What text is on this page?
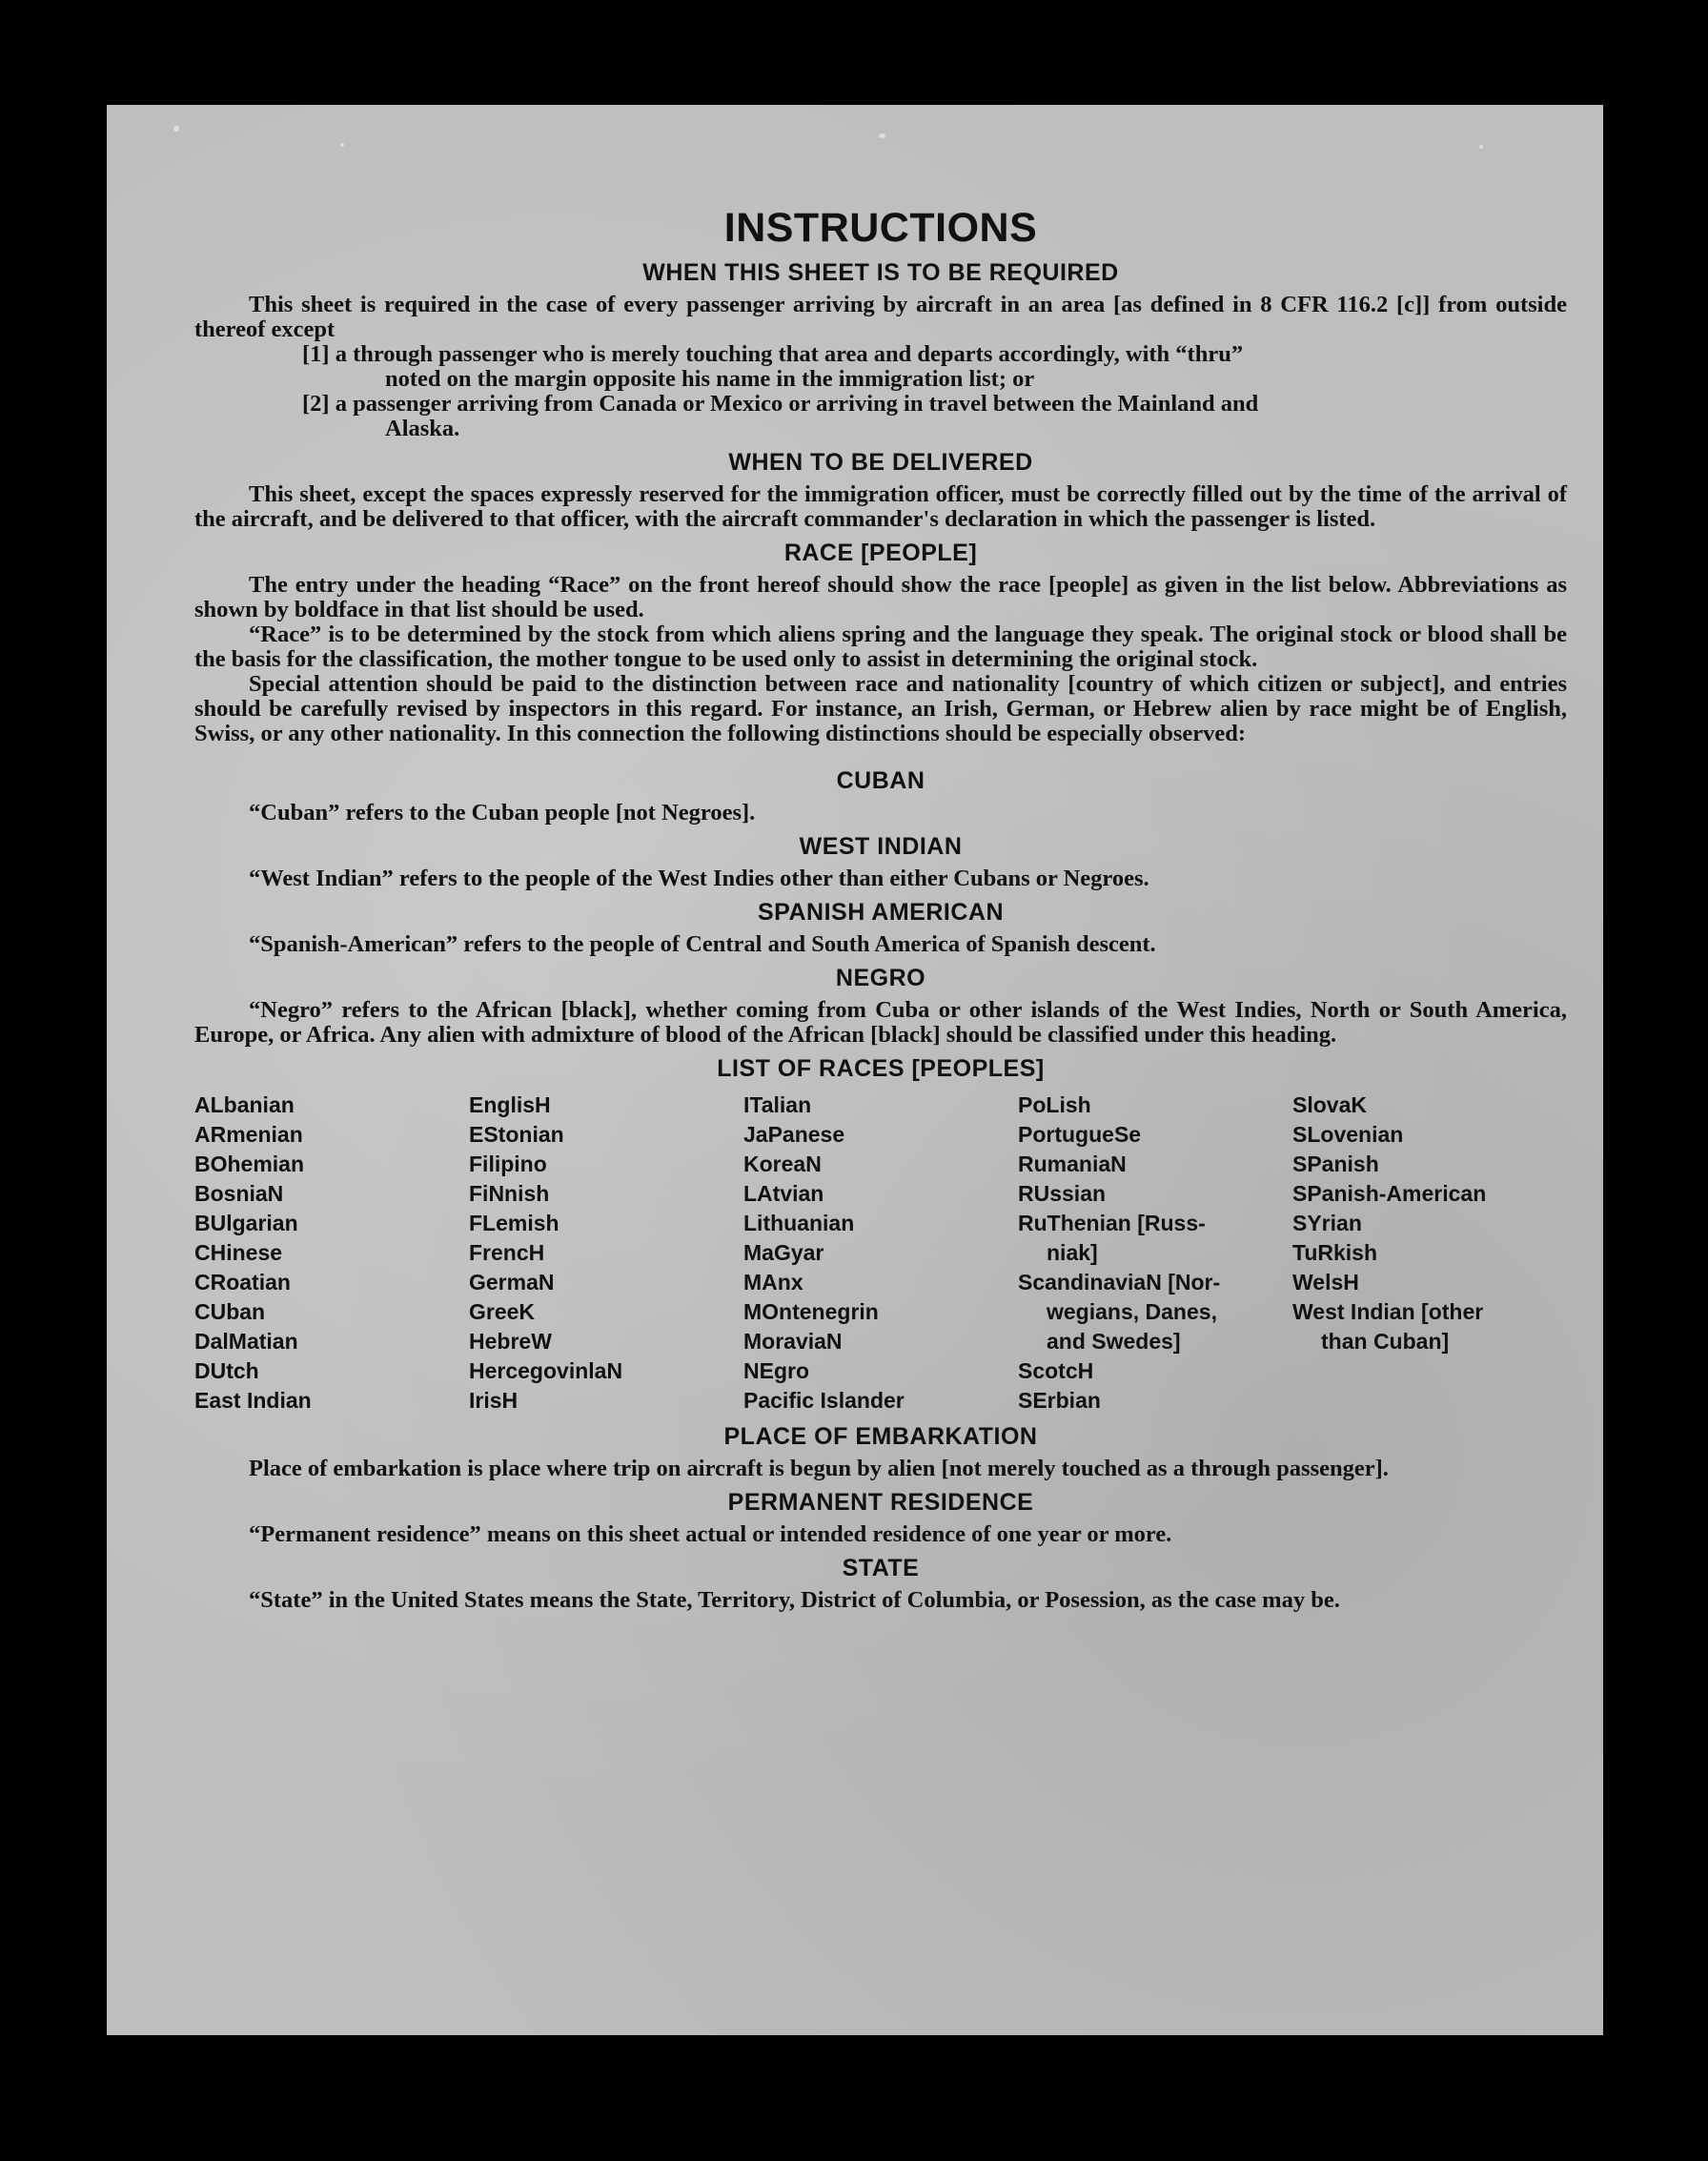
INSTRUCTIONS
WHEN THIS SHEET IS TO BE REQUIRED

This sheet is required in the case of every passenger arriving by aircraft in an area [as defined in 8 CFR 116.2 [c]] from outside thereof except

[1] a through passenger who is merely touching that area and departs accordingly, with “thru”

noted on the margin opposite his name in the immigration list; or

[2] a passenger arriving from Canada or Mexico or arriving in travel between the Mainland and

Alaska.

WHEN TO BE DELIVERED

This sheet, except the spaces expressly reserved for the immigration officer, must be correctly filled out by the time of the arrival of the aircraft, and be delivered to that officer, with the aircraft commander's declaration in which the passenger is listed.

RACE [PEOPLE]

The entry under the heading “Race” on the front hereof should show the race [people] as given in the list below. Abbreviations as shown by boldface in that list should be used.

“Race” is to be determined by the stock from which aliens spring and the language they speak. The original stock or blood shall be the basis for the classification, the mother tongue to be used only to assist in determining the original stock.

Special attention should be paid to the distinction between race and nationality [country of which citizen or subject], and entries should be carefully revised by inspectors in this regard. For instance, an Irish, German, or Hebrew alien by race might be of English, Swiss, or any other nationality. In this connection the following distinctions should be especially observed:

CUBAN

“Cuban” refers to the Cuban people [not Negroes].

WEST INDIAN

“West Indian” refers to the people of the West Indies other than either Cubans or Negroes.

SPANISH AMERICAN

“Spanish-American” refers to the people of Central and South America of Spanish descent.

NEGRO

“Negro” refers to the African [black], whether coming from Cuba or other islands of the West Indies, North or South America, Europe, or Africa. Any alien with admixture of blood of the African [black] should be classified under this heading.

LIST OF RACES [PEOPLES]
ALbanian
ARmenian
BOhemian
BosniaN
BUlgarian
CHinese
CRoatian
CUban
DalMatian
DUtch
East Indian
EnglisH
EStonian
Filipino
FiNnish
FLemish
FrencH
GermaN
GreeK
HebreW
HercegovinlaN
IrisH
ITalian
JaPanese
KoreaN
LAtvian
Lithuanian
MaGyar
MAnx
MOntenegrin
MoraviaN
NEgro
Pacific Islander
PoLish
PortugueSe
RumaniaN
RUssian
RuThenian [Russ-
niak]
ScandinaviaN [Nor-
wegians, Danes,
and Swedes]
ScotcH
SErbian
SlovaK
SLovenian
SPanish
SPanish-American
SYrian
TuRkish
WelsH
West Indian [other
than Cuban]
PLACE OF EMBARKATION

Place of embarkation is place where trip on aircraft is begun by alien [not merely touched as a through passenger].

PERMANENT RESIDENCE

“Permanent residence” means on this sheet actual or intended residence of one year or more.

STATE

“State” in the United States means the State, Territory, District of Columbia, or Posession, as the case may be.
